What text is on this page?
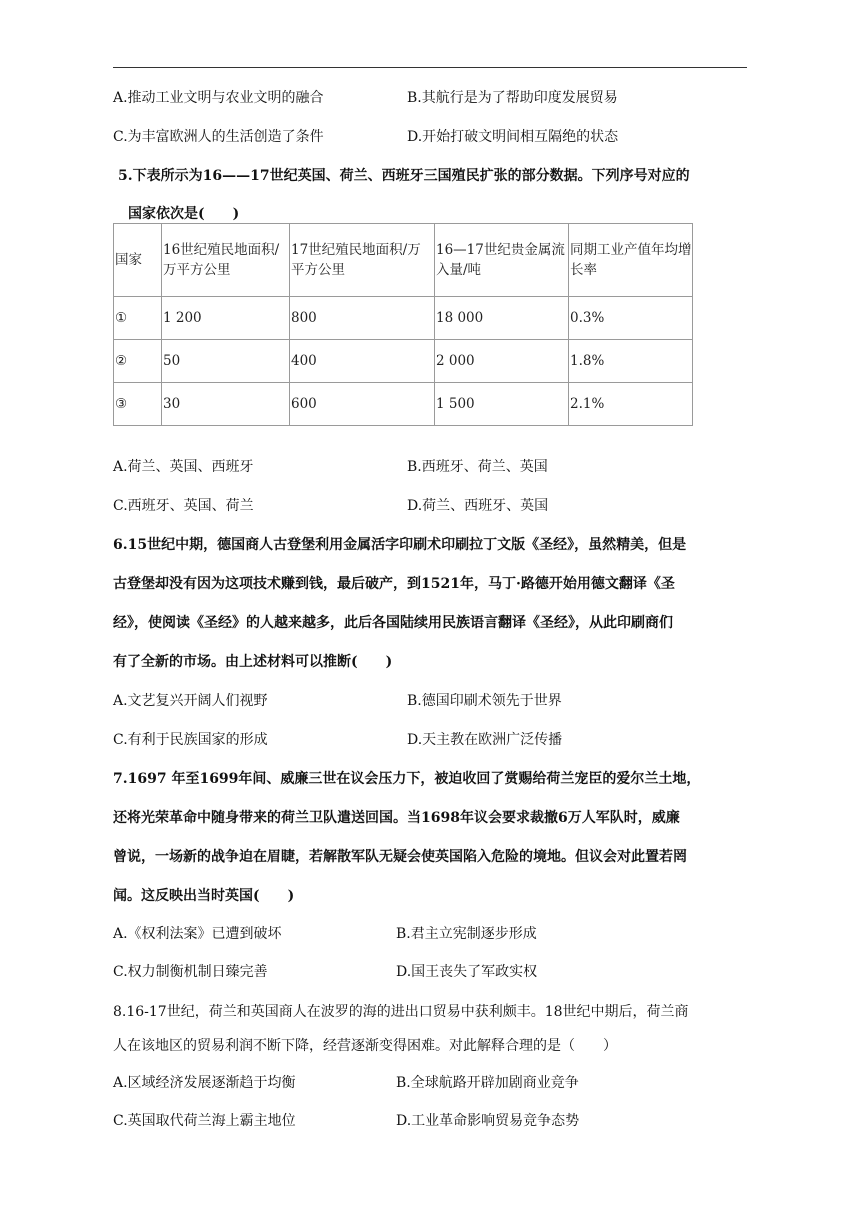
A.推动工业文明与农业文明的融合	B.其航行是为了帮助印度发展贸易
C.为丰富欧洲人的生活创造了条件	D.开始打破文明间相互隔绝的状态
5.下表所示为16——17世纪英国、荷兰、西班牙三国殖民扩张的部分数据。下列序号对应的
国家依次是(　　)
国家	16世纪殖民地面积/万平方公里	17世纪殖民地面积/万平方公里	16—17世纪贵金属流入量/吨	同期工业产值年均增长率
①	1 200	800	18 000	0.3%
②	50	400	2 000	1.8%
③	30	600	1 500	2.1%
A.荷兰、英国、西班牙	B.西班牙、荷兰、英国
C.西班牙、英国、荷兰	D.荷兰、西班牙、英国
6.15世纪中期，德国商人古登堡利用金属活字印刷术印刷拉丁文版《圣经》，虽然精美，但是
古登堡却没有因为这项技术赚到钱，最后破产，到1521年，马丁·路德开始用德文翻译《圣
经》，使阅读《圣经》的人越来越多，此后各国陆续用民族语言翻译《圣经》，从此印刷商们
有了全新的市场。由上述材料可以推断(　　)
A.文艺复兴开阔人们视野	B.德国印刷术领先于世界
C.有利于民族国家的形成	D.天主教在欧洲广泛传播
7.1697 年至1699年间、威廉三世在议会压力下，被迫收回了赏赐给荷兰宠臣的爱尔兰土地，
还将光荣革命中随身带来的荷兰卫队遣送回国。当1698年议会要求裁撤6万人军队时，威廉
曾说，一场新的战争迫在眉睫，若解散军队无疑会使英国陷入危险的境地。但议会对此置若罔
闻。这反映出当时英国(　　)
A.《权利法案》已遭到破坏	B.君主立宪制逐步形成
C.权力制衡机制日臻完善	D.国王丧失了军政实权
8.16-17世纪，荷兰和英国商人在波罗的海的进出口贸易中获利颇丰。18世纪中期后，荷兰商
人在该地区的贸易利润不断下降，经营逐渐变得困难。对此解释合理的是（　　）
A.区域经济发展逐渐趋于均衡	B.全球航路开辟加剧商业竞争
C.英国取代荷兰海上霸主地位	D.工业革命影响贸易竞争态势
